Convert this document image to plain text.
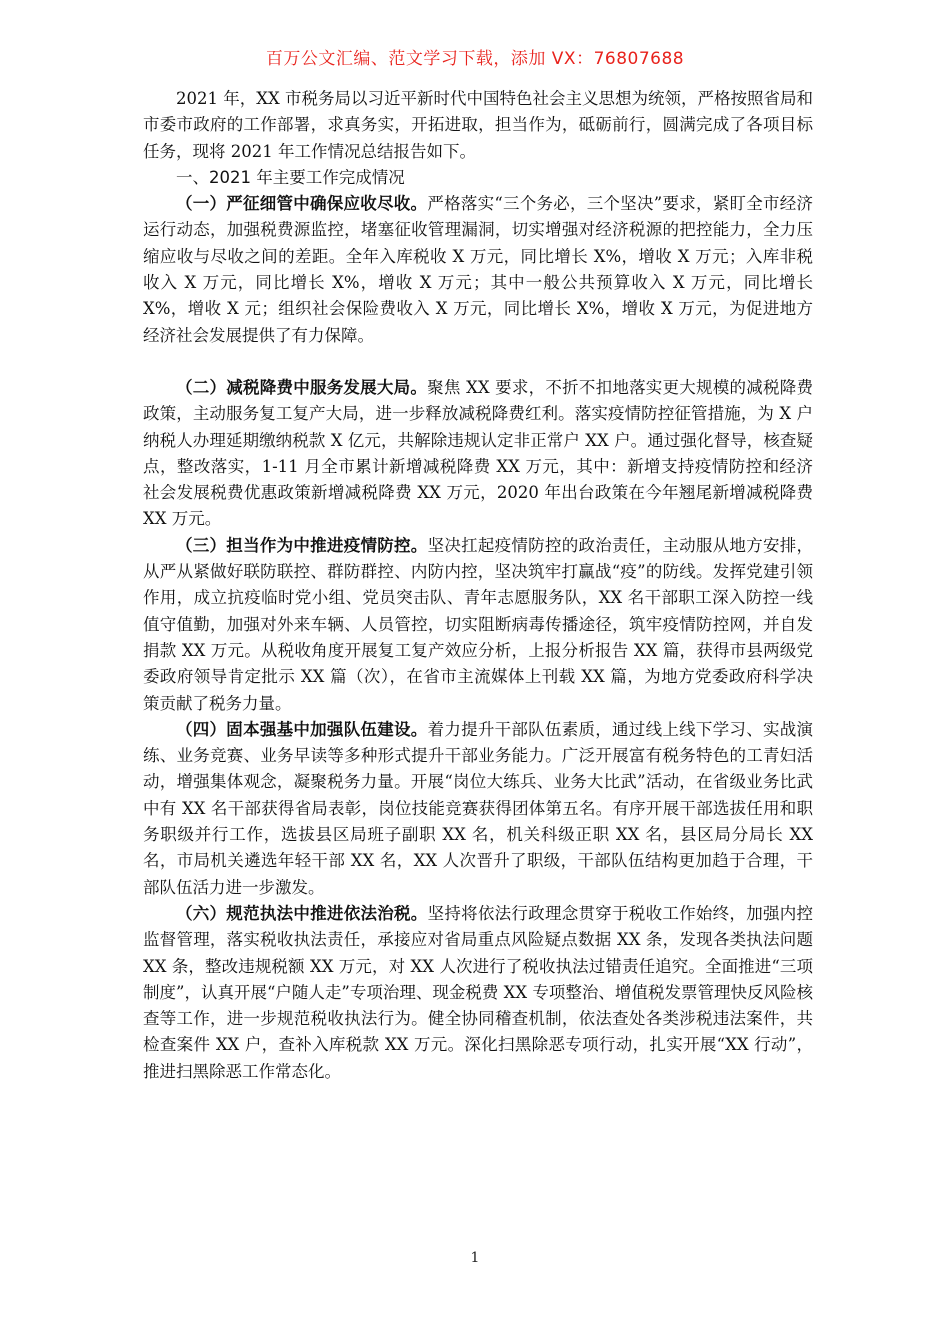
百万公文汇编、范文学习下载，添加 VX：76807688

2021 年，XX 市税务局以习近平新时代中国特色社会主义思想为统领，严格按照省局和市委市政府的工作部署，求真务实，开拓进取，担当作为，砥砺前行，圆满完成了各项目标任务，现将 2021 年工作情况总结报告如下。

一、2021 年主要工作完成情况

（一）严征细管中确保应收尽收。严格落实“三个务必，三个坚决”要求，紧盯全市经济运行动态，加强税费源监控，堵塞征收管理漏洞，切实增强对经济税源的把控能力，全力压缩应收与尽收之间的差距。全年入库税收 X 万元，同比增长 X%，增收 X 万元；入库非税收入 X 万元，同比增长 X%，增收 X 万元；其中一般公共预算收入 X 万元，同比增长 X%，增收 X 元；组织社会保险费收入 X 万元，同比增长 X%，增收 X 万元，为促进地方经济社会发展提供了有力保障。

（二）减税降费中服务发展大局。聚焦 XX 要求，不折不扣地落实更大规模的减税降费政策，主动服务复工复产大局，进一步释放减税降费红利。落实疫情防控征管措施，为 X 户纳税人办理延期缴纳税款 X 亿元，共解除违规认定非正常户 XX 户。通过强化督导，核查疑点，整改落实，1-11 月全市累计新增减税降费 XX 万元，其中：新增支持疫情防控和经济社会发展税费优惠政策新增减税降费 XX 万元，2020 年出台政策在今年翘尾新增减税降费 XX 万元。

（三）担当作为中推进疫情防控。坚决扛起疫情防控的政治责任，主动服从地方安排，从严从紧做好联防联控、群防群控、内防内控，坚决筑牢打赢战“疫”的防线。发挥党建引领作用，成立抗疫临时党小组、党员突击队、青年志愿服务队，XX 名干部职工深入防控一线值守值勤，加强对外来车辆、人员管控，切实阻断病毒传播途径，筑牢疫情防控网，并自发捐款 XX 万元。从税收角度开展复工复产效应分析，上报分析报告 XX 篇，获得市县两级党委政府领导肯定批示 XX 篇（次），在省市主流媒体上刊载 XX 篇，为地方党委政府科学决策贡献了税务力量。

（四）固本强基中加强队伍建设。着力提升干部队伍素质，通过线上线下学习、实战演练、业务竞赛、业务早读等多种形式提升干部业务能力。广泛开展富有税务特色的工青妇活动，增强集体观念，凝聚税务力量。开展“岗位大练兵、业务大比武”活动，在省级业务比武中有 XX 名干部获得省局表彰，岗位技能竞赛获得团体第五名。有序开展干部选拔任用和职务职级并行工作，选拔县区局班子副职 XX 名，机关科级正职 XX 名，县区局分局长 XX 名，市局机关遴选年轻干部 XX 名，XX 人次晋升了职级，干部队伍结构更加趋于合理，干部队伍活力进一步激发。

（六）规范执法中推进依法治税。坚持将依法行政理念贯穿于税收工作始终，加强内控监督管理，落实税收执法责任，承接应对省局重点风险疑点数据 XX 条，发现各类执法问题 XX 条，整改违规税额 XX 万元，对 XX 人次进行了税收执法过错责任追究。全面推进“三项制度”，认真开展“户随人走”专项治理、现金税费 XX 专项整治、增值税发票管理快反风险核查等工作，进一步规范税收执法行为。健全协同稽查机制，依法查处各类涉税违法案件，共检查案件 XX 户，查补入库税款 XX 万元。深化扫黑除恶专项行动，扎实开展“XX 行动”，推进扫黑除恶工作常态化。

1
